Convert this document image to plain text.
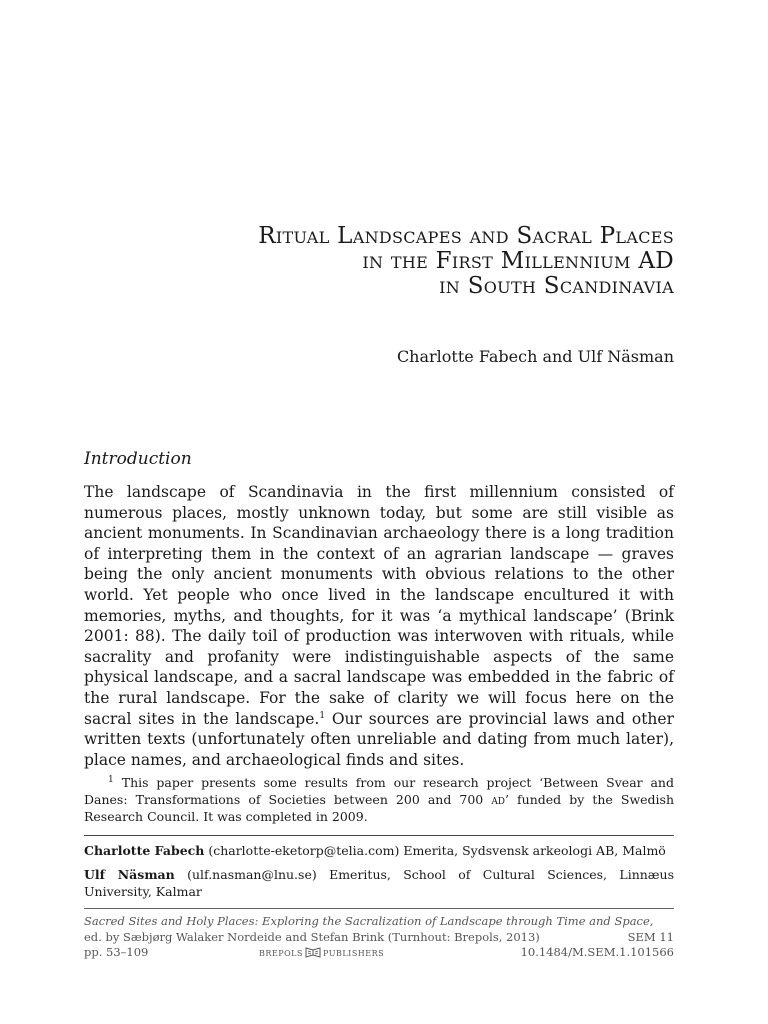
Ritual Landscapes and Sacral Places
in the First Millennium AD
in South Scandinavia
Charlotte Fabech and Ulf Näsman
Introduction
The landscape of Scandinavia in the first millennium consisted of numerous places, mostly unknown today, but some are still visible as ancient monuments. In Scandinavian archaeology there is a long tradition of interpreting them in the context of an agrarian landscape — graves being the only ancient monuments with obvious relations to the other world. Yet people who once lived in the landscape encultured it with memories, myths, and thoughts, for it was ‘a mythical landscape’ (Brink 2001: 88). The daily toil of production was interwoven with rituals, while sacrality and profanity were indistinguishable aspects of the same physical landscape, and a sacral landscape was embedded in the fabric of the rural landscape. For the sake of clarity we will focus here on the sacral sites in the landscape.$^1$ Our sources are provincial laws and other written texts (unfortunately often unreliable and dating from much later), place names, and archaeological finds and sites.
1 This paper presents some results from our research project ‘Between Svear and Danes: Transformations of Societies between 200 and 700 ad’ funded by the Swedish Research Council. It was completed in 2009.
Charlotte Fabech (charlotte-eketorp@telia.com) Emerita, Sydsvensk arkeologi AB, Malmö
Ulf Näsman (ulf.nasman@lnu.se) Emeritus, School of Cultural Sciences, Linnæus University, Kalmar
Sacred Sites and Holy Places: Exploring the Sacralization of Landscape through Time and Space,
ed. by Sæbjørg Walaker Nordeide and Stefan Brink (Turnhout: Brepols, 2013)	SEM 11
pp. 53–109	brepols publishers	10.1484/M.SEM.1.101566
